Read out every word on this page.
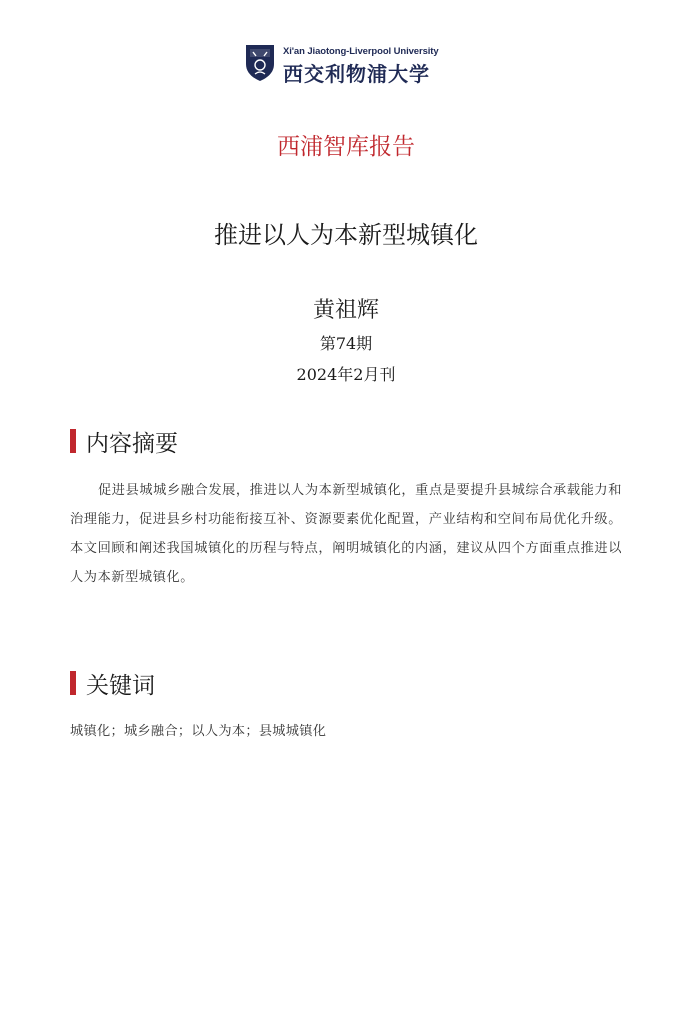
Xi'an Jiaotong-Liverpool University
西交利物浦大学
西浦智库报告
推进以人为本新型城镇化
黄祖辉
第74期
2024年2月刊
内容摘要
促进县城城乡融合发展，推进以人为本新型城镇化，重点是要提升县城综合承载能力和治理能力，促进县乡村功能衔接互补、资源要素优化配置，产业结构和空间布局优化升级。本文回顾和阐述我国城镇化的历程与特点，阐明城镇化的内涵，建议从四个方面重点推进以人为本新型城镇化。
关键词
城镇化；城乡融合；以人为本；县城城镇化
